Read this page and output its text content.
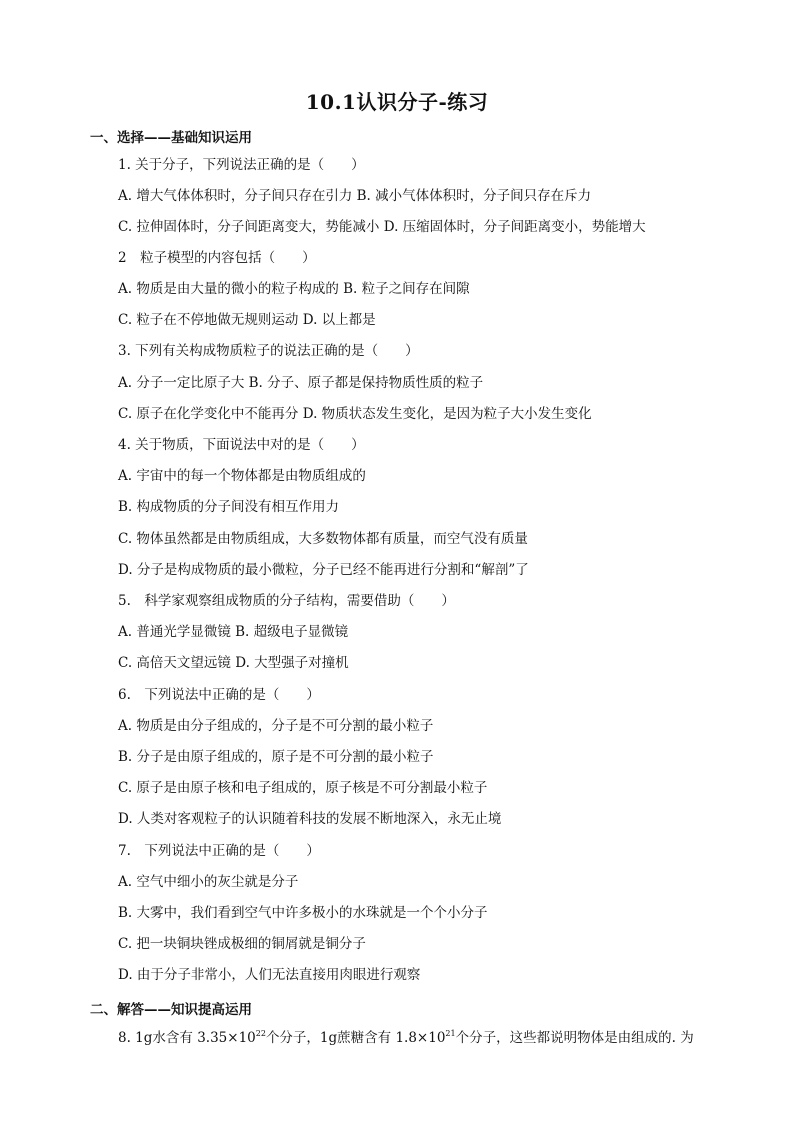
10.1认识分子-练习
一、选择——基础知识运用
1. 关于分子，下列说法正确的是（　　）
A. 增大气体体积时，分子间只存在引力 B. 减小气体体积时，分子间只存在斥力
C. 拉伸固体时，分子间距离变大，势能减小 D. 压缩固体时，分子间距离变小，势能增大
2　粒子模型的内容包括（　　）
A. 物质是由大量的微小的粒子构成的 B. 粒子之间存在间隙
C. 粒子在不停地做无规则运动 D. 以上都是
3. 下列有关构成物质粒子的说法正确的是（　　）
A. 分子一定比原子大 B. 分子、原子都是保持物质性质的粒子
C. 原子在化学变化中不能再分 D. 物质状态发生变化，是因为粒子大小发生变化
4. 关于物质，下面说法中对的是（　　）
A. 宇宙中的每一个物体都是由物质组成的
B. 构成物质的分子间没有相互作用力
C. 物体虽然都是由物质组成，大多数物体都有质量，而空气没有质量
D. 分子是构成物质的最小微粒，分子已经不能再进行分割和“解剖”了
5.　科学家观察组成物质的分子结构，需要借助（　　）
A. 普通光学显微镜 B. 超级电子显微镜
C. 高倍天文望远镜 D. 大型强子对撞机
6.　下列说法中正确的是（　　）
A. 物质是由分子组成的，分子是不可分割的最小粒子
B. 分子是由原子组成的，原子是不可分割的最小粒子
C. 原子是由原子核和电子组成的，原子核是不可分割最小粒子
D. 人类对客观粒子的认识随着科技的发展不断地深入，永无止境
7.　下列说法中正确的是（　　）
A. 空气中细小的灰尘就是分子
B. 大雾中，我们看到空气中许多极小的水珠就是一个个小分子
C. 把一块铜块锉成极细的铜屑就是铜分子
D. 由于分子非常小，人们无法直接用肉眼进行观察
二、解答——知识提高运用
8. 1g水含有 $3.35\times 10^{22}$个分子，1g蔗糖含有 $1.8\times 10^{21}$个分子，这些都说明物体是由组成的. 为
